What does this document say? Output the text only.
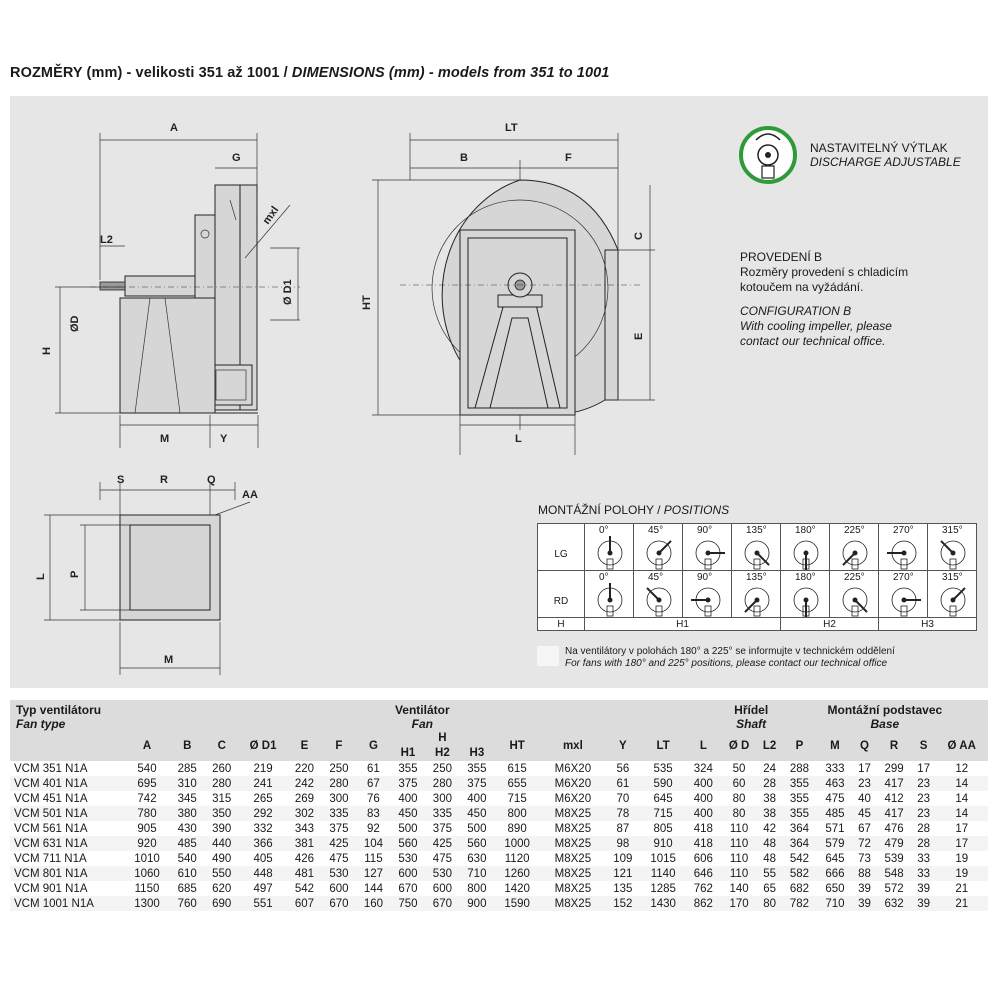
ROZMĚRY (mm) - velikosti 351 až 1001 / DIMENSIONS (mm) - models from 351 to 1001
A
G
L2
Ø D1
mxl
H
ØD
M	Y
LT
B	F
HT
C
E
L
S	R	Q
AA
L P
M
NASTAVITELNÝ VÝTLAK
DISCHARGE ADJUSTABLE
PROVEDENÍ B
Rozměry provedení s chladicím
kotoučem na vyžádání.
CONFIGURATION B
With cooling impeller, please
contact our technical office.
MONTÁŽNÍ POLOHY / POSITIONS
LG	0°	45°	90°	135°	180°	225°	270°	315°

RD	0°	45°	90°	135°	180°	225°	270°	315°

H	H1				H2		H3	
Na ventilátory v polohách 180° a 225° se informujte v technickém oddělení
For fans with 180° and 225° positions, please contact our technical office
Typ ventilátoru
Fan type	Ventilátor
Fan															Hřídel
Shaft		Montážní podstavec
Base					
	A	B	C	Ø D1	E	F	G	H			HT	mxl	Y	LT	L	Ø D	L2	P	M	Q	R	S	Ø AA
								H1	H2	H3													
VCM 351 N1A	540	285	260	219	220	250	61	355	250	355	615	M6X20	56	535	324	50	24	288	333	17	299	17	12
VCM 401 N1A	695	310	280	241	242	280	67	375	280	375	655	M6X20	61	590	400	60	28	355	463	23	417	23	14
VCM 451 N1A	742	345	315	265	269	300	76	400	300	400	715	M6X20	70	645	400	80	38	355	475	40	412	23	14
VCM 501 N1A	780	380	350	292	302	335	83	450	335	450	800	M8X25	78	715	400	80	38	355	485	45	417	23	14
VCM 561 N1A	905	430	390	332	343	375	92	500	375	500	890	M8X25	87	805	418	110	42	364	571	67	476	28	17
VCM 631 N1A	920	485	440	366	381	425	104	560	425	560	1000	M8X25	98	910	418	110	48	364	579	72	479	28	17
VCM 711 N1A	1010	540	490	405	426	475	115	530	475	630	1120	M8X25	109	1015	606	110	48	542	645	73	539	33	19
VCM 801 N1A	1060	610	550	448	481	530	127	600	530	710	1260	M8X25	121	1140	646	110	55	582	666	88	548	33	19
VCM 901 N1A	1150	685	620	497	542	600	144	670	600	800	1420	M8X25	135	1285	762	140	65	682	650	39	572	39	21
VCM 1001 N1A	1300	760	690	551	607	670	160	750	670	900	1590	M8X25	152	1430	862	170	80	782	710	39	632	39	21
